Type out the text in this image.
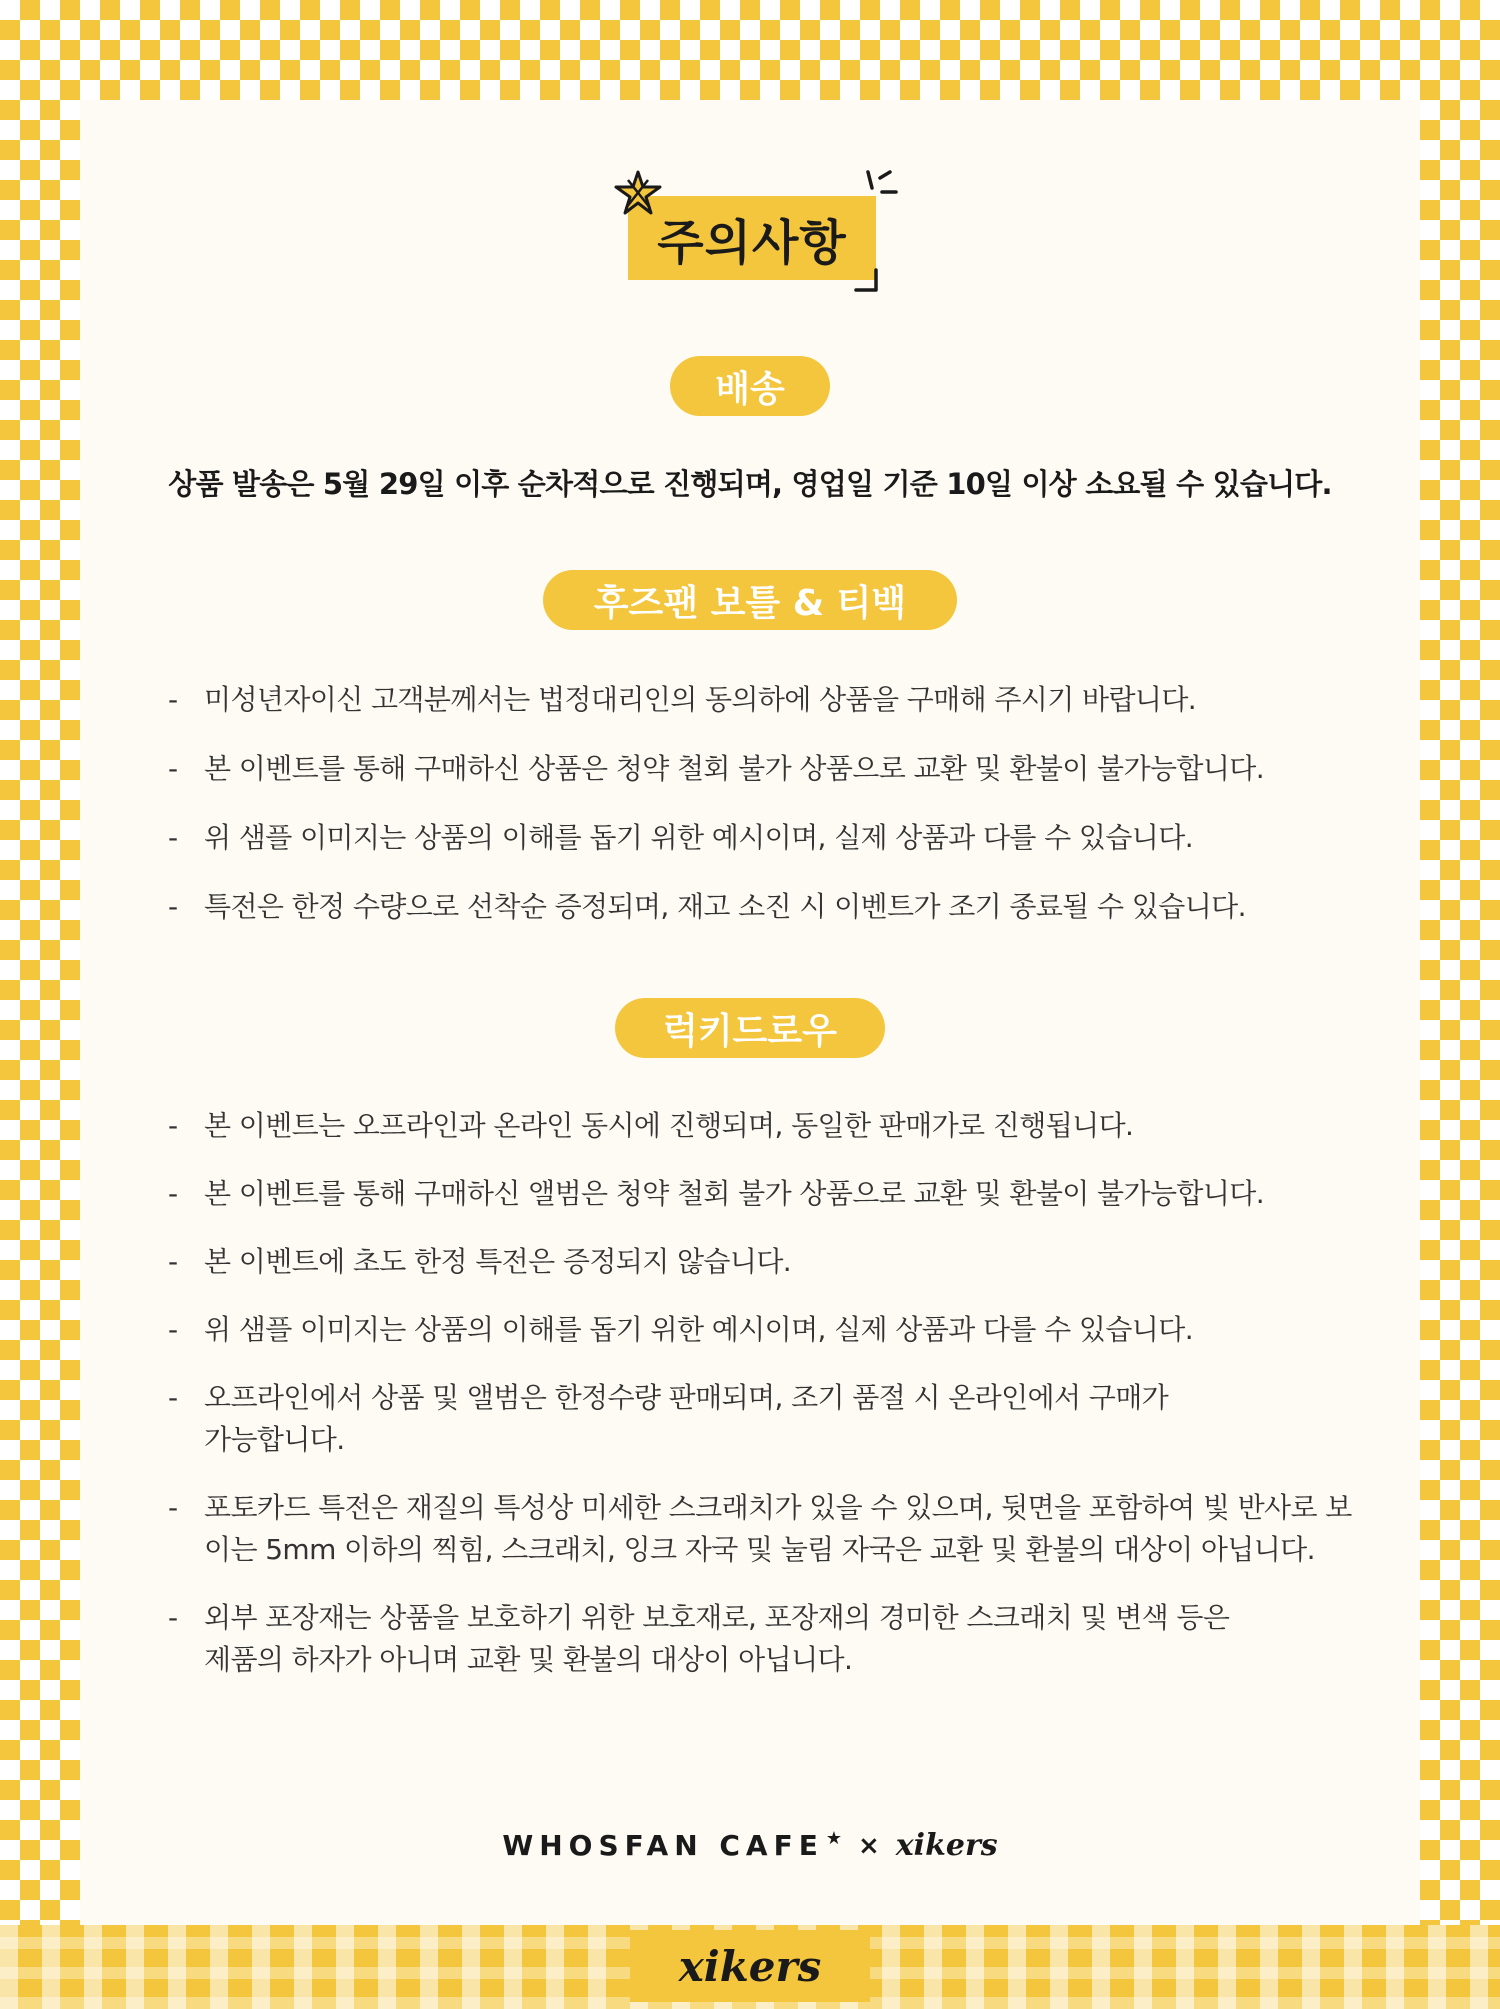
xikers
주의사항
배송
상품 발송은 5월 29일 이후 순차적으로 진행되며, 영업일 기준 10일 이상 소요될 수 있습니다.
후즈팬 보틀 & 티백
- 미성년자이신 고객분께서는 법정대리인의 동의하에 상품을 구매해 주시기 바랍니다.
- 본 이벤트를 통해 구매하신 상품은 청약 철회 불가 상품으로 교환 및 환불이 불가능합니다.
- 위 샘플 이미지는 상품의 이해를 돕기 위한 예시이며, 실제 상품과 다를 수 있습니다.
- 특전은 한정 수량으로 선착순 증정되며, 재고 소진 시 이벤트가 조기 종료될 수 있습니다.
럭키드로우
- 본 이벤트는 오프라인과 온라인 동시에 진행되며, 동일한 판매가로 진행됩니다.
- 본 이벤트를 통해 구매하신 앨범은 청약 철회 불가 상품으로 교환 및 환불이 불가능합니다.
- 본 이벤트에 초도 한정 특전은 증정되지 않습니다.
- 위 샘플 이미지는 상품의 이해를 돕기 위한 예시이며, 실제 상품과 다를 수 있습니다.
- 오프라인에서 상품 및 앨범은 한정수량 판매되며, 조기 품절 시 온라인에서 구매가 가능합니다.
- 포토카드 특전은 재질의 특성상 미세한 스크래치가 있을 수 있으며, 뒷면을 포함하여 빛 반사로 보이는 5mm 이하의 찍힘, 스크래치, 잉크 자국 및 눌림 자국은 교환 및 환불의 대상이 아닙니다.
- 외부 포장재는 상품을 보호하기 위한 보호재로, 포장재의 경미한 스크래치 및 변색 등은 제품의 하자가 아니며 교환 및 환불의 대상이 아닙니다.
WHOSFAN CAFE ★ × xikers
